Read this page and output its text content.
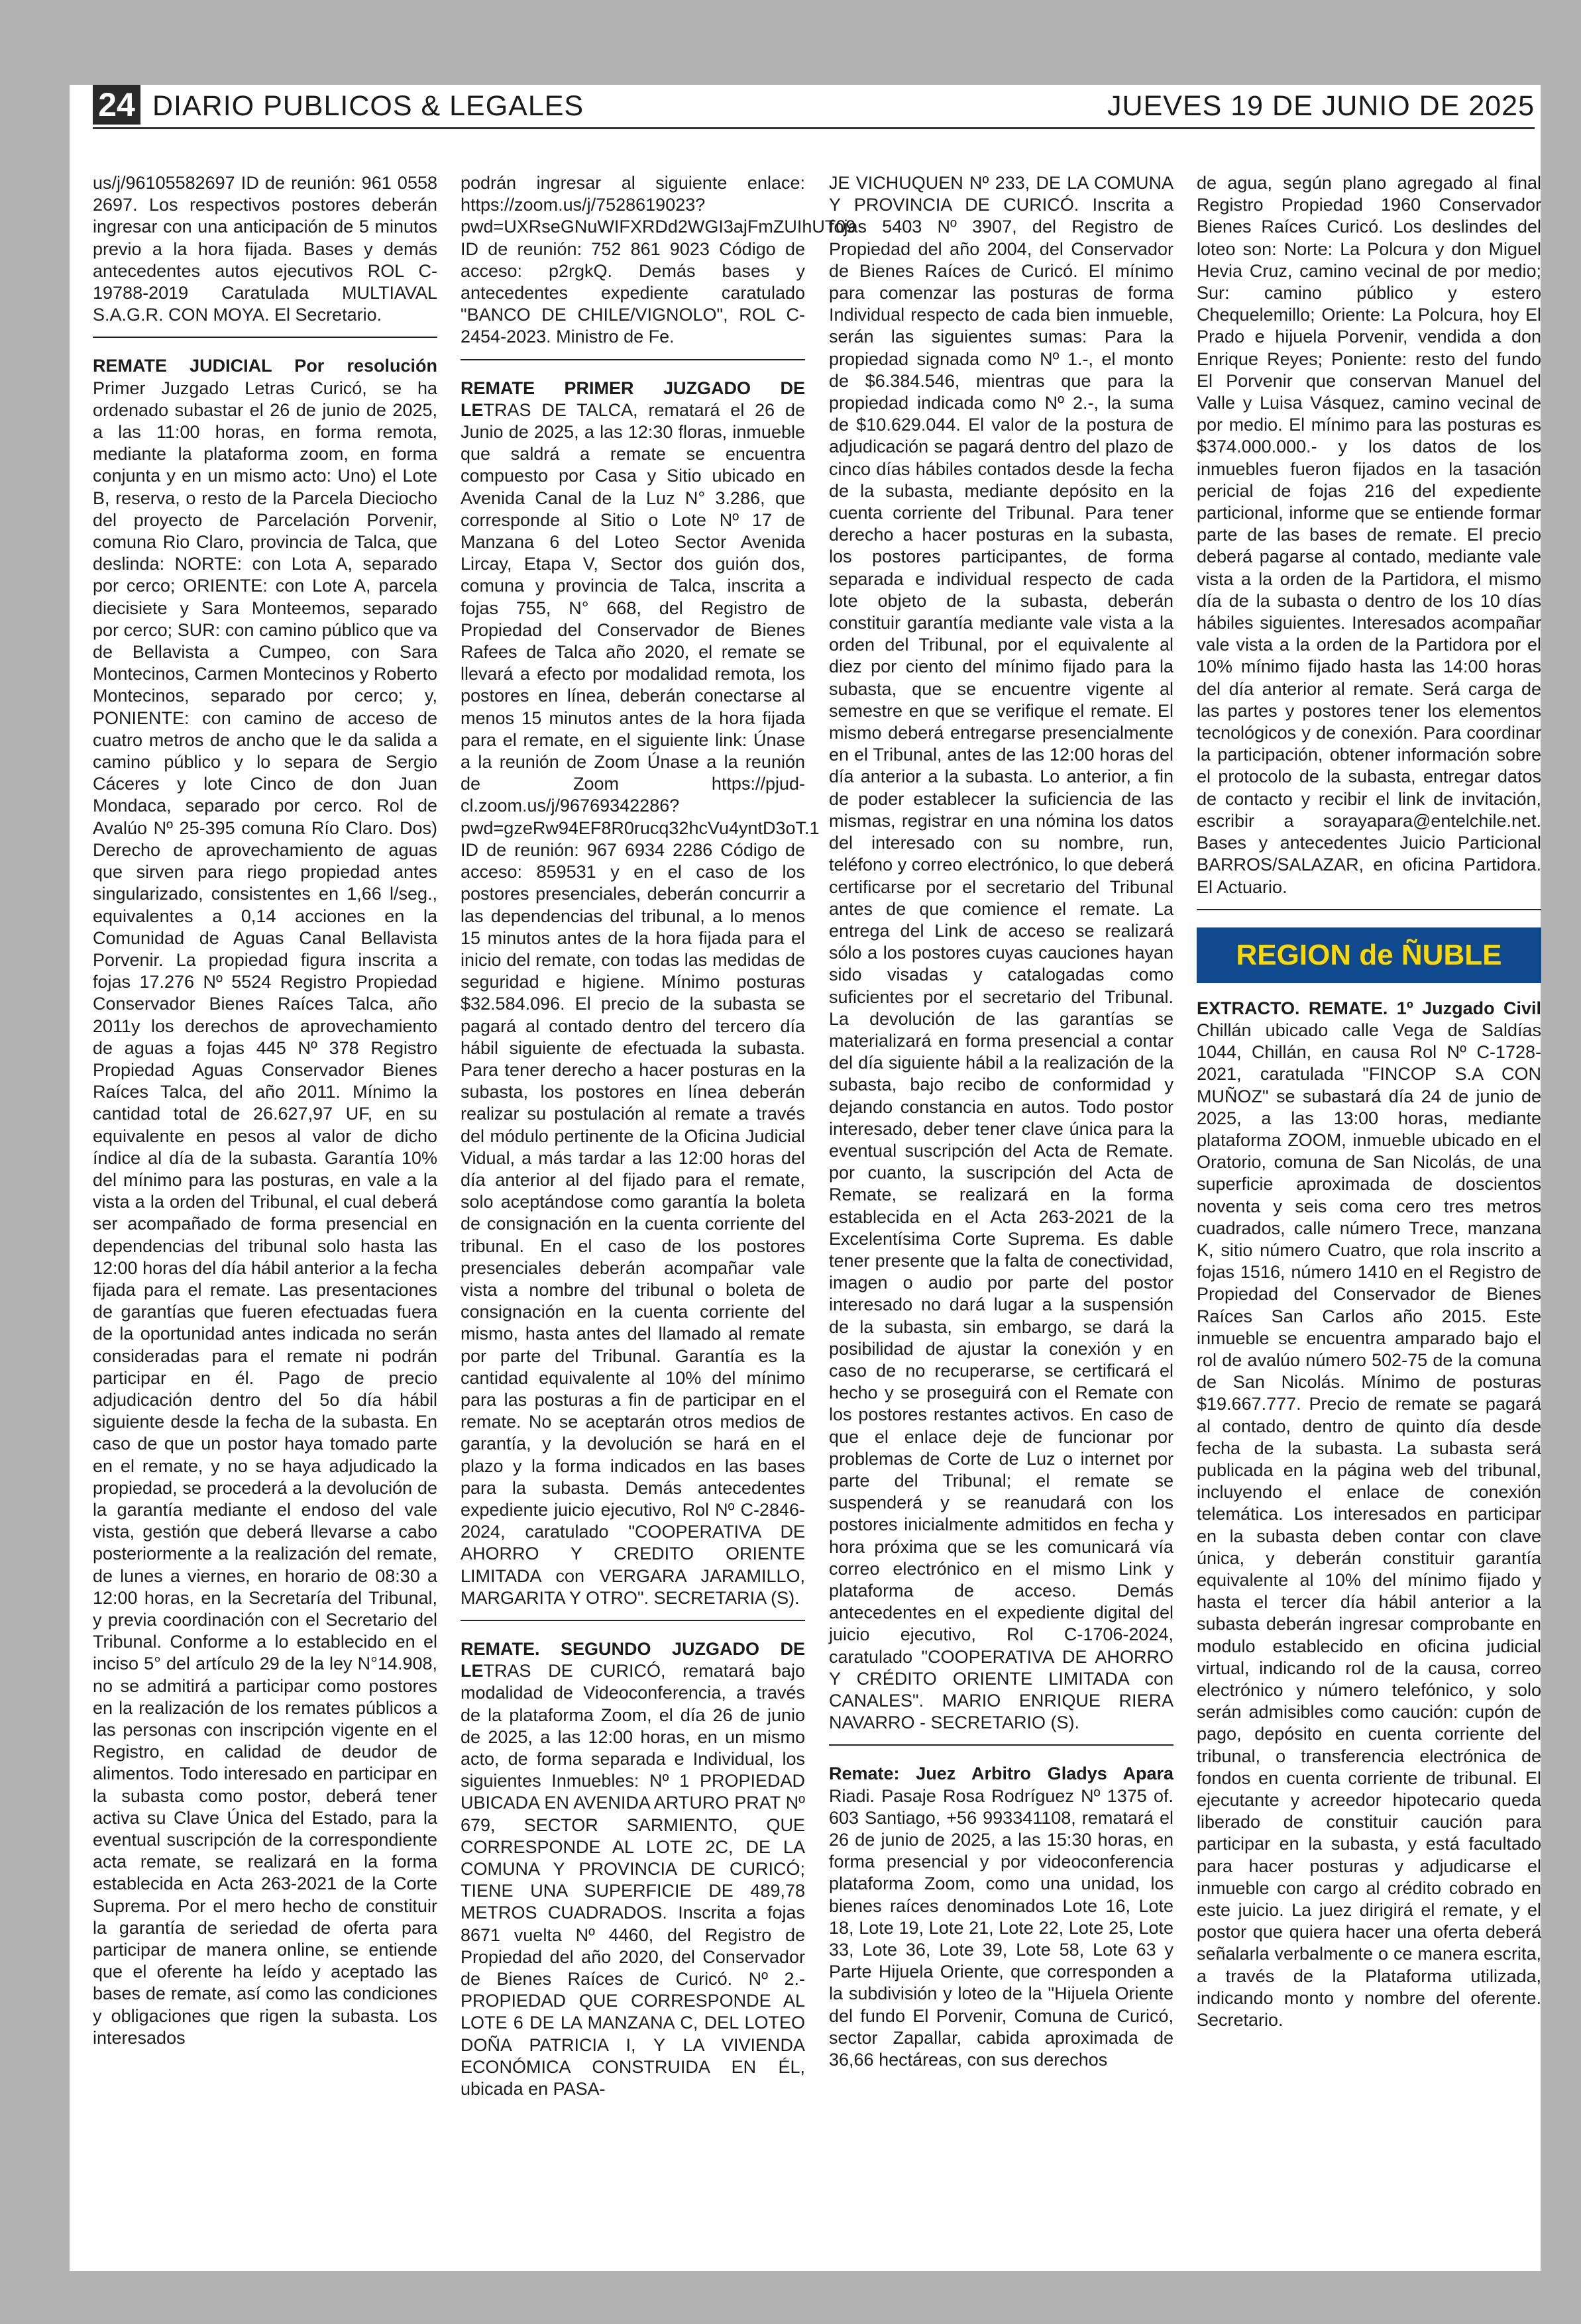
24 DIARIO PUBLICOS & LEGALES	JUEVES 19 DE JUNIO DE 2025

us/j/96105582697 ID de reunión: 961 0558 2697. Los respectivos postores deberán ingresar con una anticipación de 5 minutos previo a la hora fijada. Bases y demás antecedentes autos ejecutivos ROL C-19788-2019 Caratulada MULTIAVAL S.A.G.R. CON MOYA. El Secretario.

REMATE JUDICIAL Por resolución Primer Juzgado Letras Curicó, se ha ordenado subastar el 26 de junio de 2025, a las 11:00 horas, en forma remota, mediante la plataforma zoom, en forma conjunta y en un mismo acto: Uno) el Lote B, reserva, o resto de la Parcela Dieciocho del proyecto de Parcelación Porvenir, comuna Rio Claro, provincia de Talca, que deslinda: NORTE: con Lota A, separado por cerco; ORIENTE: con Lote A, parcela diecisiete y Sara Monteemos, separado por cerco; SUR: con camino público que va de Bellavista a Cumpeo, con Sara Montecinos, Carmen Montecinos y Roberto Montecinos, separado por cerco; y, PONIENTE: con camino de acceso de cuatro metros de ancho que le da salida a camino público y lo separa de Sergio Cáceres y lote Cinco de don Juan Mondaca, separado por cerco. Rol de Avalúo Nº 25-395 comuna Río Claro. Dos) Derecho de aprovechamiento de aguas que sirven para riego propiedad antes singularizado, consistentes en 1,66 l/seg., equivalentes a 0,14 acciones en la Comunidad de Aguas Canal Bellavista Porvenir. La propiedad figura inscrita a fojas 17.276 Nº 5524 Registro Propiedad Conservador Bienes Raíces Talca, año 2011y los derechos de aprovechamiento de aguas a fojas 445 Nº 378 Registro Propiedad Aguas Conservador Bienes Raíces Talca, del año 2011. Mínimo la cantidad total de 26.627,97 UF, en su equivalente en pesos al valor de dicho índice al día de la subasta. Garantía 10% del mínimo para las posturas, en vale a la vista a la orden del Tribunal, el cual deberá ser acompañado de forma presencial en dependencias del tribunal solo hasta las 12:00 horas del día hábil anterior a la fecha fijada para el remate. Las presentaciones de garantías que fueren efectuadas fuera de la oportunidad antes indicada no serán consideradas para el remate ni podrán participar en él. Pago de precio adjudicación dentro del 5o día hábil siguiente desde la fecha de la subasta. En caso de que un postor haya tomado parte en el remate, y no se haya adjudicado la propiedad, se procederá a la devolución de la garantía mediante el endoso del vale vista, gestión que deberá llevarse a cabo posteriormente a la realización del remate, de lunes a viernes, en horario de 08:30 a 12:00 horas, en la Secretaría del Tribunal, y previa coordinación con el Secretario del Tribunal. Conforme a lo establecido en el inciso 5° del artículo 29 de la ley N°14.908, no se admitirá a participar como postores en la realización de los remates públicos a las personas con inscripción vigente en el Registro, en calidad de deudor de alimentos. Todo interesado en participar en la subasta como postor, deberá tener activa su Clave Única del Estado, para la eventual suscripción de la correspondiente acta remate, se realizará en la forma establecida en Acta 263-2021 de la Corte Suprema. Por el mero hecho de constituir la garantía de seriedad de oferta para participar de manera online, se entiende que el oferente ha leído y aceptado las bases de remate, así como las condiciones y obligaciones que rigen la subasta. Los interesados

podrán ingresar al siguiente enlace: https://zoom.us/j/7528619023?pwd=UXRseGNuWIFXRDd2WGI3ajFmZUIhUT09 ID de reunión: 752 861 9023 Código de acceso: p2rgkQ. Demás bases y antecedentes expediente caratulado "BANCO DE CHILE/VIGNOLO", ROL C-2454-2023. Ministro de Fe.

REMATE PRIMER JUZGADO DE LETRAS DE TALCA, rematará el 26 de Junio de 2025, a las 12:30 floras, inmueble que saldrá a remate se encuentra compuesto por Casa y Sitio ubicado en Avenida Canal de la Luz N° 3.286, que corresponde al Sitio o Lote Nº 17 de Manzana 6 del Loteo Sector Avenida Lircay, Etapa V, Sector dos guión dos, comuna y provincia de Talca, inscrita a fojas 755, N° 668, del Registro de Propiedad del Conservador de Bienes Rafees de Talca año 2020, el remate se llevará a efecto por modalidad remota, los postores en línea, deberán conectarse al menos 15 minutos antes de la hora fijada para el remate, en el siguiente link: Únase a la reunión de Zoom Únase a la reunión de Zoom https://pjud-cl.zoom.us/j/96769342286?pwd=gzeRw94EF8R0rucq32hcVu4yntD3oT.1 ID de reunión: 967 6934 2286 Código de acceso: 859531 y en el caso de los postores presenciales, deberán concurrir a las dependencias del tribunal, a lo menos 15 minutos antes de la hora fijada para el inicio del remate, con todas las medidas de seguridad e higiene. Mínimo posturas $32.584.096. El precio de la subasta se pagará al contado dentro del tercero día hábil siguiente de efectuada la subasta. Para tener derecho a hacer posturas en la subasta, los postores en línea deberán realizar su postulación al remate a través del módulo pertinente de la Oficina Judicial Vidual, a más tardar a las 12:00 horas del día anterior al del fijado para el remate, solo aceptándose como garantía la boleta de consignación en la cuenta corriente del tribunal. En el caso de los postores presenciales deberán acompañar vale vista a nombre del tribunal o boleta de consignación en la cuenta corriente del mismo, hasta antes del llamado al remate por parte del Tribunal. Garantía es la cantidad equivalente al 10% del mínimo para las posturas a fin de participar en el remate. No se aceptarán otros medios de garantía, y la devolución se hará en el plazo y la forma indicados en las bases para la subasta. Demás antecedentes expediente juicio ejecutivo, Rol Nº C-2846-2024, caratulado "COOPERATIVA DE AHORRO Y CREDITO ORIENTE LIMITADA con VERGARA JARAMILLO, MARGARITA Y OTRO". SECRETARIA (S).

REMATE. SEGUNDO JUZGADO DE LETRAS DE CURICÓ, rematará bajo modalidad de Videoconferencia, a través de la plataforma Zoom, el día 26 de junio de 2025, a las 12:00 horas, en un mismo acto, de forma separada e Individual, los siguientes Inmuebles: Nº 1 PROPIEDAD UBICADA EN AVENIDA ARTURO PRAT Nº 679, SECTOR SARMIENTO, QUE CORRESPONDE AL LOTE 2C, DE LA COMUNA Y PROVINCIA DE CURICÓ; TIENE UNA SUPERFICIE DE 489,78 METROS CUADRADOS. Inscrita a fojas 8671 vuelta Nº 4460, del Registro de Propiedad del año 2020, del Conservador de Bienes Raíces de Curicó. Nº 2.- PROPIEDAD QUE CORRESPONDE AL LOTE 6 DE LA MANZANA C, DEL LOTEO DOÑA PATRICIA I, Y LA VIVIENDA ECONÓMICA CONSTRUIDA EN ÉL, ubicada en PASA-

JE VICHUQUEN Nº 233, DE LA COMUNA Y PROVINCIA DE CURICÓ. Inscrita a fojas 5403 Nº 3907, del Registro de Propiedad del año 2004, del Conservador de Bienes Raíces de Curicó. El mínimo para comenzar las posturas de forma Individual respecto de cada bien inmueble, serán las siguientes sumas: Para la propiedad signada como Nº 1.-, el monto de $6.384.546, mientras que para la propiedad indicada como Nº 2.-, la suma de $10.629.044. El valor de la postura de adjudicación se pagará dentro del plazo de cinco días hábiles contados desde la fecha de la subasta, mediante depósito en la cuenta corriente del Tribunal. Para tener derecho a hacer posturas en la subasta, los postores participantes, de forma separada e individual respecto de cada lote objeto de la subasta, deberán constituir garantía mediante vale vista a la orden del Tribunal, por el equivalente al diez por ciento del mínimo fijado para la subasta, que se encuentre vigente al semestre en que se verifique el remate. El mismo deberá entregarse presencialmente en el Tribunal, antes de las 12:00 horas del día anterior a la subasta. Lo anterior, a fin de poder establecer la suficiencia de las mismas, registrar en una nómina los datos del interesado con su nombre, run, teléfono y correo electrónico, lo que deberá certificarse por el secretario del Tribunal antes de que comience el remate. La entrega del Link de acceso se realizará sólo a los postores cuyas cauciones hayan sido visadas y catalogadas como suficientes por el secretario del Tribunal. La devolución de las garantías se materializará en forma presencial a contar del día siguiente hábil a la realización de la subasta, bajo recibo de conformidad y dejando constancia en autos. Todo postor interesado, deber tener clave única para la eventual suscripción del Acta de Remate. por cuanto, la suscripción del Acta de Remate, se realizará en la forma establecida en el Acta 263-2021 de la Excelentísima Corte Suprema. Es dable tener presente que la falta de conectividad, imagen o audio por parte del postor interesado no dará lugar a la suspensión de la subasta, sin embargo, se dará la posibilidad de ajustar la conexión y en caso de no recuperarse, se certificará el hecho y se proseguirá con el Remate con los postores restantes activos. En caso de que el enlace deje de funcionar por problemas de Corte de Luz o internet por parte del Tribunal; el remate se suspenderá y se reanudará con los postores inicialmente admitidos en fecha y hora próxima que se les comunicará vía correo electrónico en el mismo Link y plataforma de acceso. Demás antecedentes en el expediente digital del juicio ejecutivo, Rol C-1706-2024, caratulado "COOPERATIVA DE AHORRO Y CRÉDITO ORIENTE LIMITADA con CANALES". MARIO ENRIQUE RIERA NAVARRO - SECRETARIO (S).

Remate: Juez Arbitro Gladys Apara Riadi. Pasaje Rosa Rodríguez Nº 1375 of. 603 Santiago, +56 993341108, rematará el 26 de junio de 2025, a las 15:30 horas, en forma presencial y por videoconferencia plataforma Zoom, como una unidad, los bienes raíces denominados Lote 16, Lote 18, Lote 19, Lote 21, Lote 22, Lote 25, Lote 33, Lote 36, Lote 39, Lote 58, Lote 63 y Parte Hijuela Oriente, que corresponden a la subdivisión y loteo de la "Hijuela Oriente del fundo El Porvenir, Comuna de Curicó, sector Zapallar, cabida aproximada de 36,66 hectáreas, con sus derechos

de agua, según plano agregado al final Registro Propiedad 1960 Conservador Bienes Raíces Curicó. Los deslindes del loteo son: Norte: La Polcura y don Miguel Hevia Cruz, camino vecinal de por medio; Sur: camino público y estero Chequelemillo; Oriente: La Polcura, hoy El Prado e hijuela Porvenir, vendida a don Enrique Reyes; Poniente: resto del fundo El Porvenir que conservan Manuel del Valle y Luisa Vásquez, camino vecinal de por medio. El mínimo para las posturas es $374.000.000.- y los datos de los inmuebles fueron fijados en la tasación pericial de fojas 216 del expediente particional, informe que se entiende formar parte de las bases de remate. El precio deberá pagarse al contado, mediante vale vista a la orden de la Partidora, el mismo día de la subasta o dentro de los 10 días hábiles siguientes. Interesados acompañar vale vista a la orden de la Partidora por el 10% mínimo fijado hasta las 14:00 horas del día anterior al remate. Será carga de las partes y postores tener los elementos tecnológicos y de conexión. Para coordinar la participación, obtener información sobre el protocolo de la subasta, entregar datos de contacto y recibir el link de invitación, escribir a sorayapara@entelchile.net. Bases y antecedentes Juicio Particional BARROS/SALAZAR, en oficina Partidora. El Actuario.

REGION de ÑUBLE

EXTRACTO. REMATE. 1º Juzgado Civil Chillán ubicado calle Vega de Saldías 1044, Chillán, en causa Rol Nº C-1728-2021, caratulada "FINCOP S.A CON MUÑOZ" se subastará día 24 de junio de 2025, a las 13:00 horas, mediante plataforma ZOOM, inmueble ubicado en el Oratorio, comuna de San Nicolás, de una superficie aproximada de doscientos noventa y seis coma cero tres metros cuadrados, calle número Trece, manzana K, sitio número Cuatro, que rola inscrito a fojas 1516, número 1410 en el Registro de Propiedad del Conservador de Bienes Raíces San Carlos año 2015. Este inmueble se encuentra amparado bajo el rol de avalúo número 502-75 de la comuna de San Nicolás. Mínimo de posturas $19.667.777. Precio de remate se pagará al contado, dentro de quinto día desde fecha de la subasta. La subasta será publicada en la página web del tribunal, incluyendo el enlace de conexión telemática. Los interesados en participar en la subasta deben contar con clave única, y deberán constituir garantía equivalente al 10% del mínimo fijado y hasta el tercer día hábil anterior a la subasta deberán ingresar comprobante en modulo establecido en oficina judicial virtual, indicando rol de la causa, correo electrónico y número telefónico, y solo serán admisibles como caución: cupón de pago, depósito en cuenta corriente del tribunal, o transferencia electrónica de fondos en cuenta corriente de tribunal. El ejecutante y acreedor hipotecario queda liberado de constituir caución para participar en la subasta, y está facultado para hacer posturas y adjudicarse el inmueble con cargo al crédito cobrado en este juicio. La juez dirigirá el remate, y el postor que quiera hacer una oferta deberá señalarla verbalmente o ce manera escrita, a través de la Plataforma utilizada, indicando monto y nombre del oferente. Secretario.
